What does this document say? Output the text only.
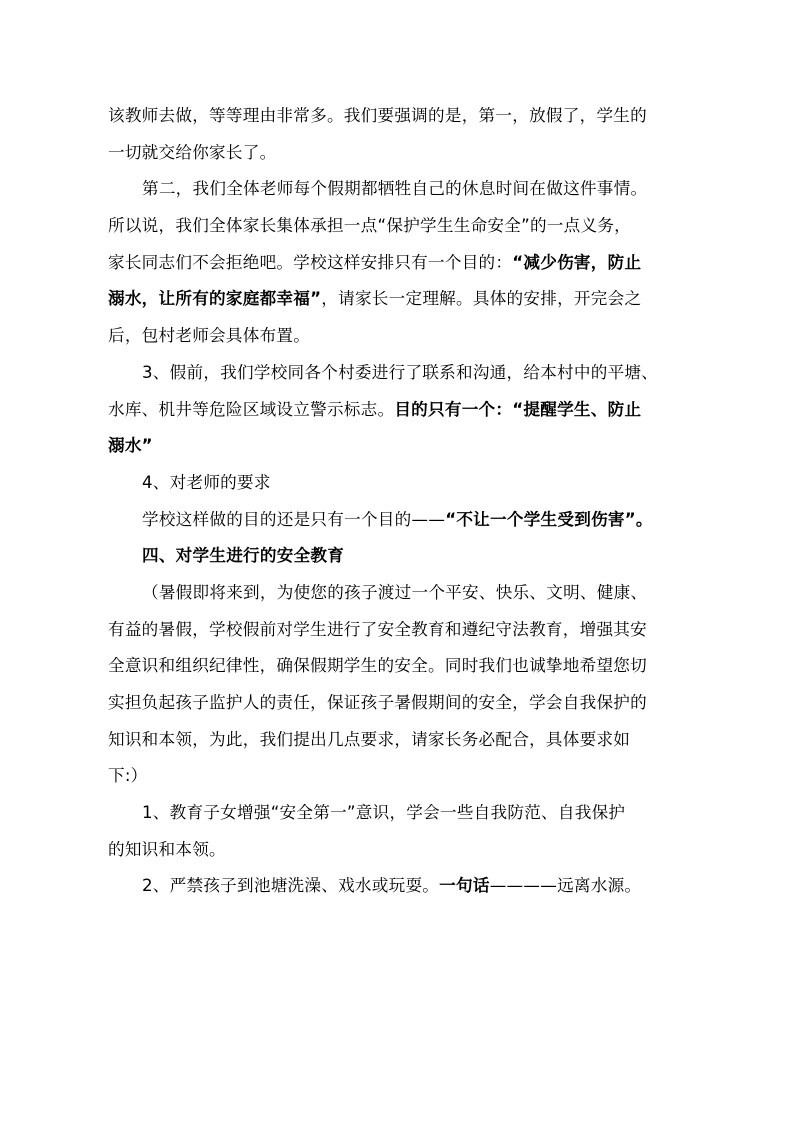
该教师去做，等等理由非常多。我们要强调的是，第一，放假了，学生的
一切就交给你家长了。
第二，我们全体老师每个假期都牺牲自己的休息时间在做这件事情。
所以说，我们全体家长集体承担一点“保护学生生命安全”的一点义务，
家长同志们不会拒绝吧。学校这样安排只有一个目的：“减少伤害，防止
溺水，让所有的家庭都幸福”，请家长一定理解。具体的安排，开完会之
后，包村老师会具体布置。
3、假前，我们学校同各个村委进行了联系和沟通，给本村中的平塘、
水库、机井等危险区域设立警示标志。目的只有一个：“提醒学生、防止
溺水”
4、对老师的要求
学校这样做的目的还是只有一个目的——“不让一个学生受到伤害”。
四、对学生进行的安全教育
（暑假即将来到，为使您的孩子渡过一个平安、快乐、文明、健康、
有益的暑假，学校假前对学生进行了安全教育和遵纪守法教育，增强其安
全意识和组织纪律性，确保假期学生的安全。同时我们也诚挚地希望您切
实担负起孩子监护人的责任，保证孩子暑假期间的安全，学会自我保护的
知识和本领，为此，我们提出几点要求，请家长务必配合，具体要求如
下:）
1、教育子女增强“安全第一”意识，学会一些自我防范、自我保护
的知识和本领。
2、严禁孩子到池塘洗澡、戏水或玩耍。一句话————远离水源。
